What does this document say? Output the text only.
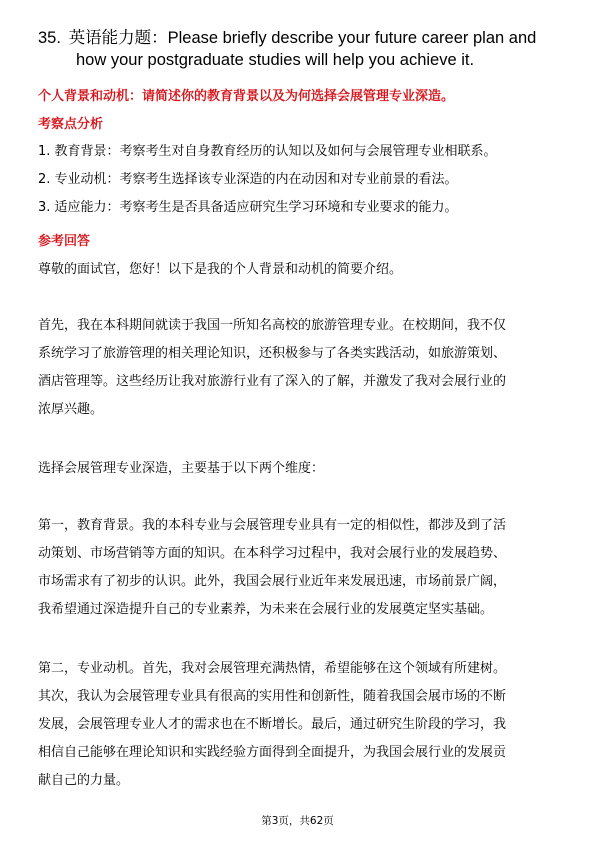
35. 英语能力题：Please briefly describe your future career plan and
how your postgraduate studies will help you achieve it.
个人背景和动机：请简述你的教育背景以及为何选择会展管理专业深造。
考察点分析
1. 教育背景：考察考生对自身教育经历的认知以及如何与会展管理专业相联系。
2. 专业动机：考察考生选择该专业深造的内在动因和对专业前景的看法。
3. 适应能力：考察考生是否具备适应研究生学习环境和专业要求的能力。
参考回答
尊敬的面试官，您好！以下是我的个人背景和动机的简要介绍。
首先，我在本科期间就读于我国一所知名高校的旅游管理专业。在校期间，我不仅
系统学习了旅游管理的相关理论知识，还积极参与了各类实践活动，如旅游策划、
酒店管理等。这些经历让我对旅游行业有了深入的了解，并激发了我对会展行业的
浓厚兴趣。
选择会展管理专业深造，主要基于以下两个维度：
第一，教育背景。我的本科专业与会展管理专业具有一定的相似性，都涉及到了活
动策划、市场营销等方面的知识。在本科学习过程中，我对会展行业的发展趋势、
市场需求有了初步的认识。此外，我国会展行业近年来发展迅速，市场前景广阔，
我希望通过深造提升自己的专业素养，为未来在会展行业的发展奠定坚实基础。
第二，专业动机。首先，我对会展管理充满热情，希望能够在这个领域有所建树。
其次，我认为会展管理专业具有很高的实用性和创新性，随着我国会展市场的不断
发展，会展管理专业人才的需求也在不断增长。最后，通过研究生阶段的学习，我
相信自己能够在理论知识和实践经验方面得到全面提升，为我国会展行业的发展贡
献自己的力量。
第3页，共62页
